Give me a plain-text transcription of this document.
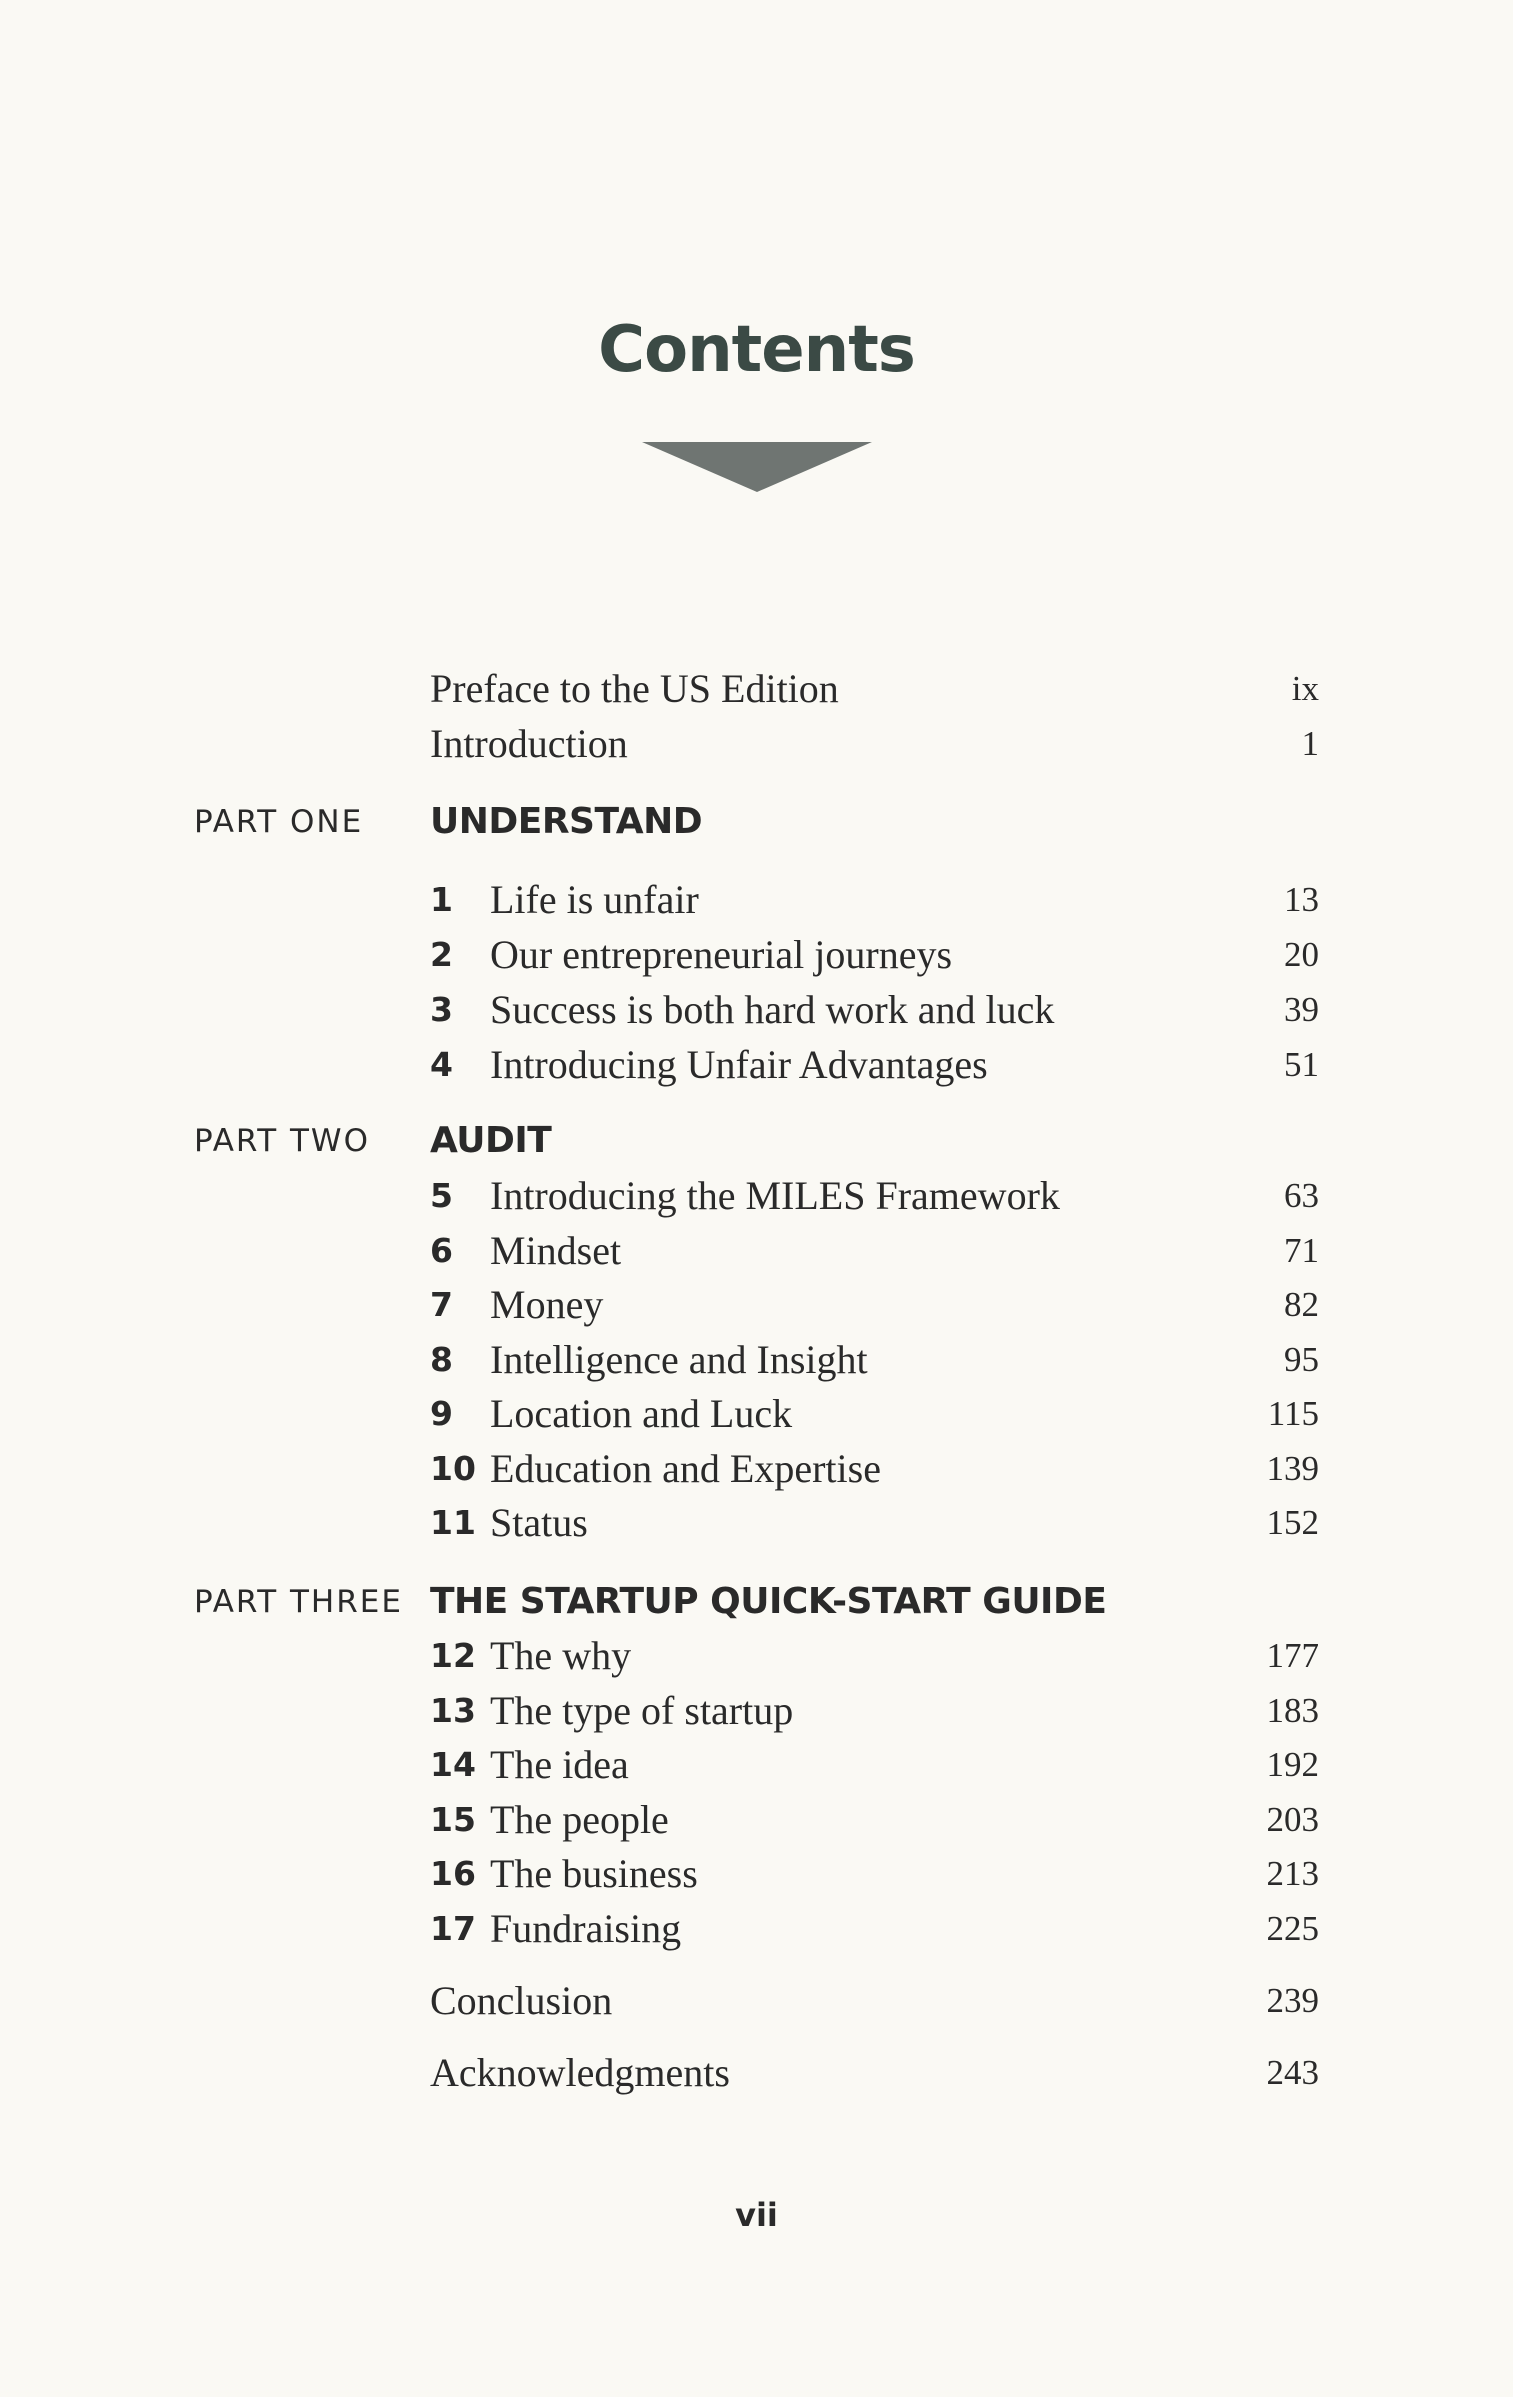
Contents
Preface to the US Edition	ix
Introduction	1
PART ONE UNDERSTAND
1 Life is unfair	13
2 Our entrepreneurial journeys	20
3 Success is both hard work and luck	39
4 Introducing Unfair Advantages	51
PART TWO AUDIT
5 Introducing the MILES Framework	63
6 Mindset	71
7 Money	82
8 Intelligence and Insight	95
9 Location and Luck	115
10 Education and Expertise	139
11 Status	152
PART THREE THE STARTUP QUICK-START GUIDE
12 The why	177
13 The type of startup	183
14 The idea	192
15 The people	203
16 The business	213
17 Fundraising	225
Conclusion	239
Acknowledgments	243
vii
